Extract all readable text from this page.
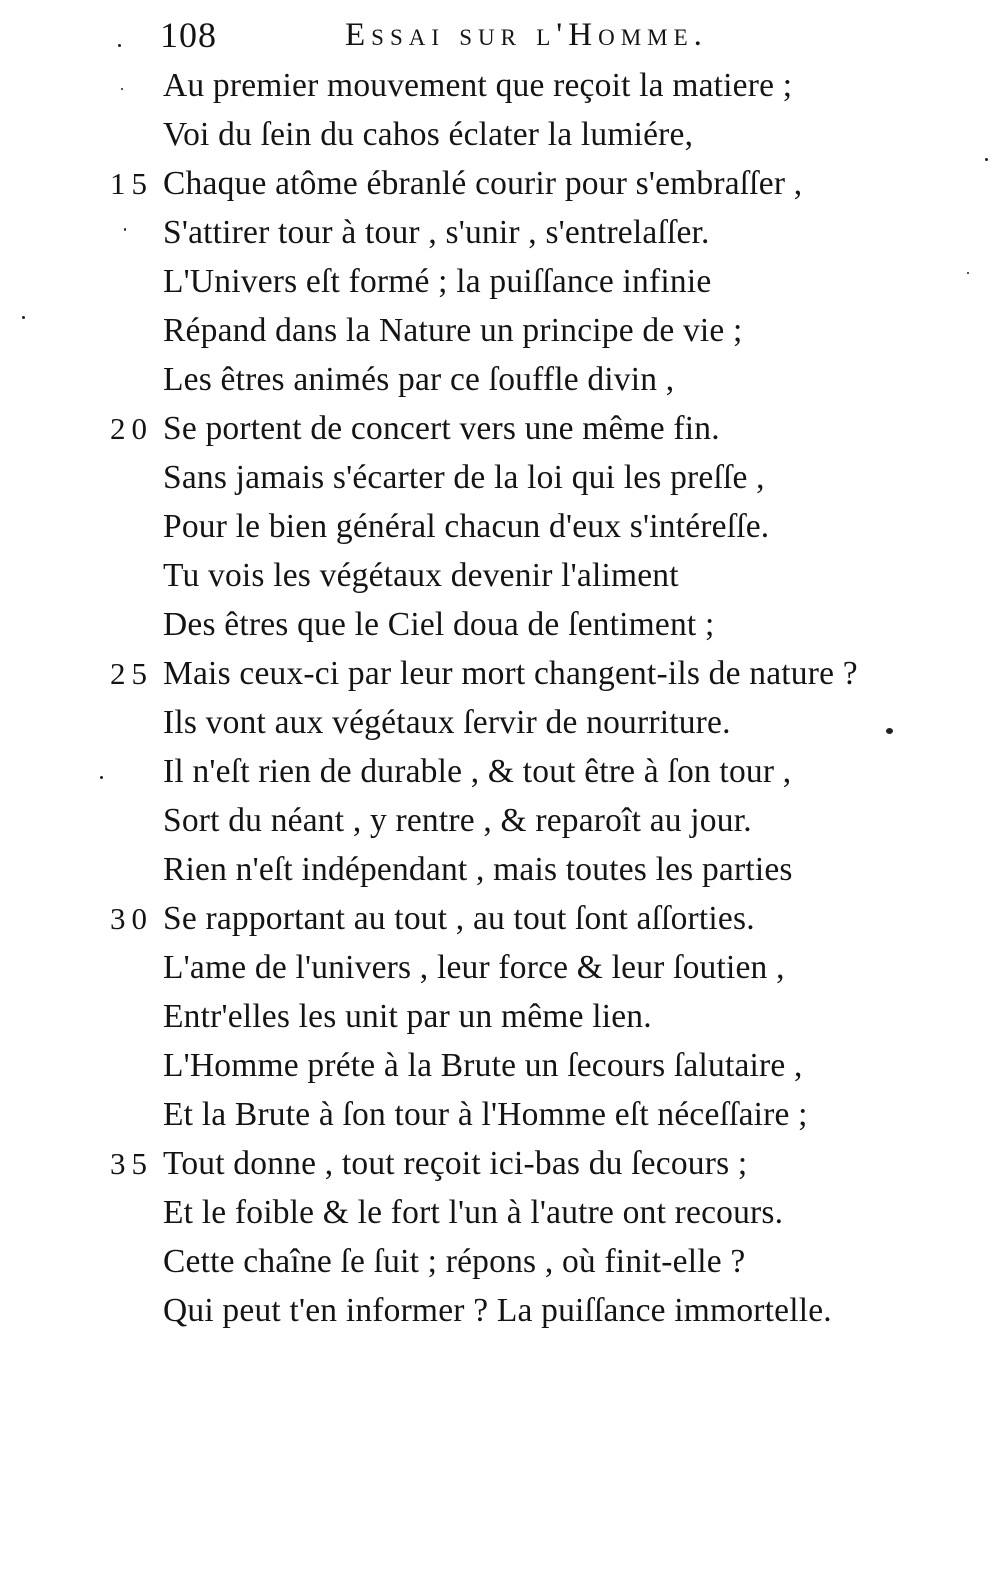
108	Essai sur l'Homme.
Au premier mouvement que reçoit la matiere ;
Voi du ſein du cahos éclater la lumiére,
15 Chaque atôme ébranlé courir pour s'embraſſer ,
S'attirer tour à tour , s'unir , s'entrelaſſer.
L'Univers eſt formé ; la puiſſance infinie
Répand dans la Nature un principe de vie ;
Les êtres animés par ce ſouffle divin ,
20 Se portent de concert vers une même fin.
Sans jamais s'écarter de la loi qui les preſſe ,
Pour le bien général chacun d'eux s'intéreſſe.
Tu vois les végétaux devenir l'aliment
Des êtres que le Ciel doua de ſentiment ;
25 Mais ceux-ci par leur mort changent-ils de nature ?
Ils vont aux végétaux ſervir de nourriture.
Il n'eſt rien de durable , & tout être à ſon tour ,
Sort du néant , y rentre , & reparoît au jour.
Rien n'eſt indépendant , mais toutes les parties
30 Se rapportant au tout , au tout ſont aſſorties.
L'ame de l'univers , leur force & leur ſoutien ,
Entr'elles les unit par un même lien.
L'Homme préte à la Brute un ſecours ſalutaire ,
Et la Brute à ſon tour à l'Homme eſt néceſſaire ;
35 Tout donne , tout reçoit ici-bas du ſecours ;
Et le foible & le fort l'un à l'autre ont recours.
Cette chaîne ſe ſuit ; répons , où finit-elle ?
Qui peut t'en informer ? La puiſſance immortelle.
